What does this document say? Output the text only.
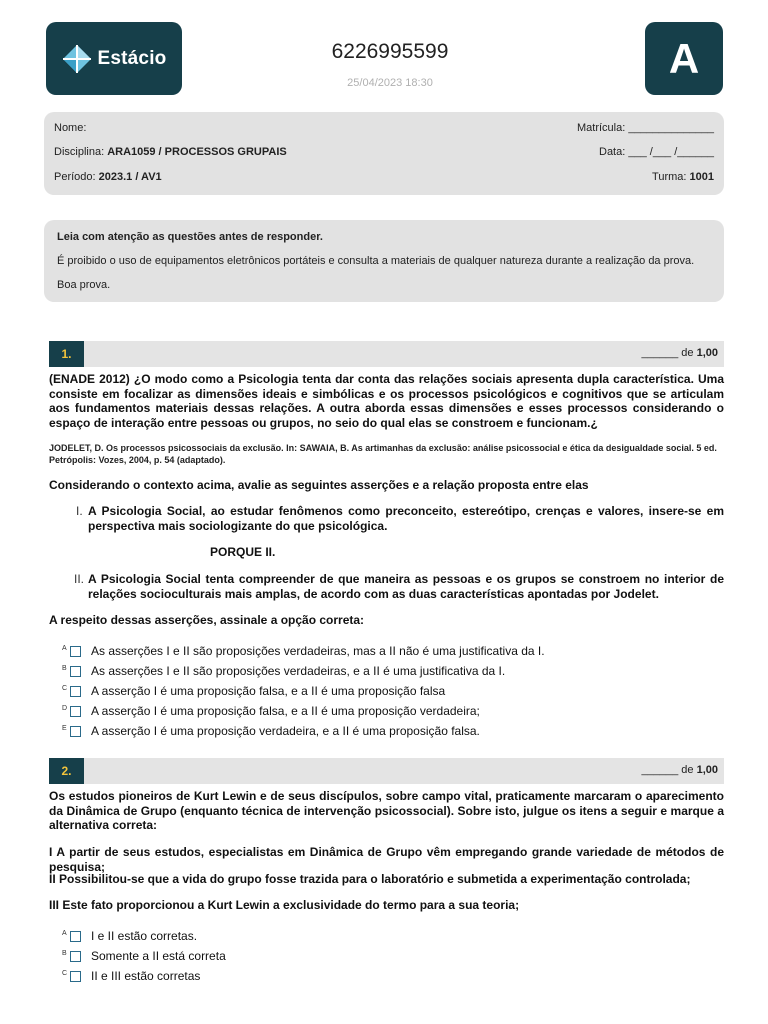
Estácio	6226995599
25/04/2023 18:30
A
Nome:	Matrícula: ______________
Disciplina: ARA1059 / PROCESSOS GRUPAIS	Data: ___ /___ /______
Período: 2023.1 / AV1	Turma: 1001
Leia com atenção as questões antes de responder.
É proibido o uso de equipamentos eletrônicos portáteis e consulta a materiais de qualquer natureza durante a realização da prova.
Boa prova.
1.	______ de 1,00
(ENADE 2012) ¿O modo como a Psicologia tenta dar conta das relações sociais apresenta dupla característica. Uma consiste em focalizar as dimensões ideais e simbólicas e os processos psicológicos e cognitivos que se articulam aos fundamentos materiais dessas relações. A outra aborda essas dimensões e esses processos considerando o espaço de interação entre pessoas ou grupos, no seio do qual elas se constroem e funcionam.¿
JODELET, D. Os processos psicossociais da exclusão. In: SAWAIA, B. As artimanhas da exclusão: análise psicossocial e ética da desigualdade social. 5 ed. Petrópolis: Vozes, 2004, p. 54 (adaptado).
Considerando o contexto acima, avalie as seguintes asserções e a relação proposta entre elas
I. A Psicologia Social, ao estudar fenômenos como preconceito, estereótipo, crenças e valores, insere-se em perspectiva mais sociologizante do que psicológica.
PORQUE II.
II. A Psicologia Social tenta compreender de que maneira as pessoas e os grupos se constroem no interior de relações socioculturais mais amplas, de acordo com as duas características apontadas por Jodelet.
A respeito dessas asserções, assinale a opção correta:
A As asserções I e II são proposições verdadeiras, mas a II não é uma justificativa da I.
B As asserções I e II são proposições verdadeiras, e a II é uma justificativa da I.
C A asserção I é uma proposição falsa, e a II é uma proposição falsa
D A asserção I é uma proposição falsa, e a II é uma proposição verdadeira;
E A asserção I é uma proposição verdadeira, e a II é uma proposição falsa.
2.	______ de 1,00
Os estudos pioneiros de Kurt Lewin e de seus discípulos, sobre campo vital, praticamente marcaram o aparecimento da Dinâmica de Grupo (enquanto técnica de intervenção psicossocial). Sobre isto, julgue os itens a seguir e marque a alternativa correta:
I A partir de seus estudos, especialistas em Dinâmica de Grupo vêm empregando grande variedade de métodos de pesquisa;
II Possibilitou-se que a vida do grupo fosse trazida para o laboratório e submetida a experimentação controlada;
III Este fato proporcionou a Kurt Lewin a exclusividade do termo para a sua teoria;
A I e II estão corretas.
B Somente a II está correta
C II e III estão corretas
